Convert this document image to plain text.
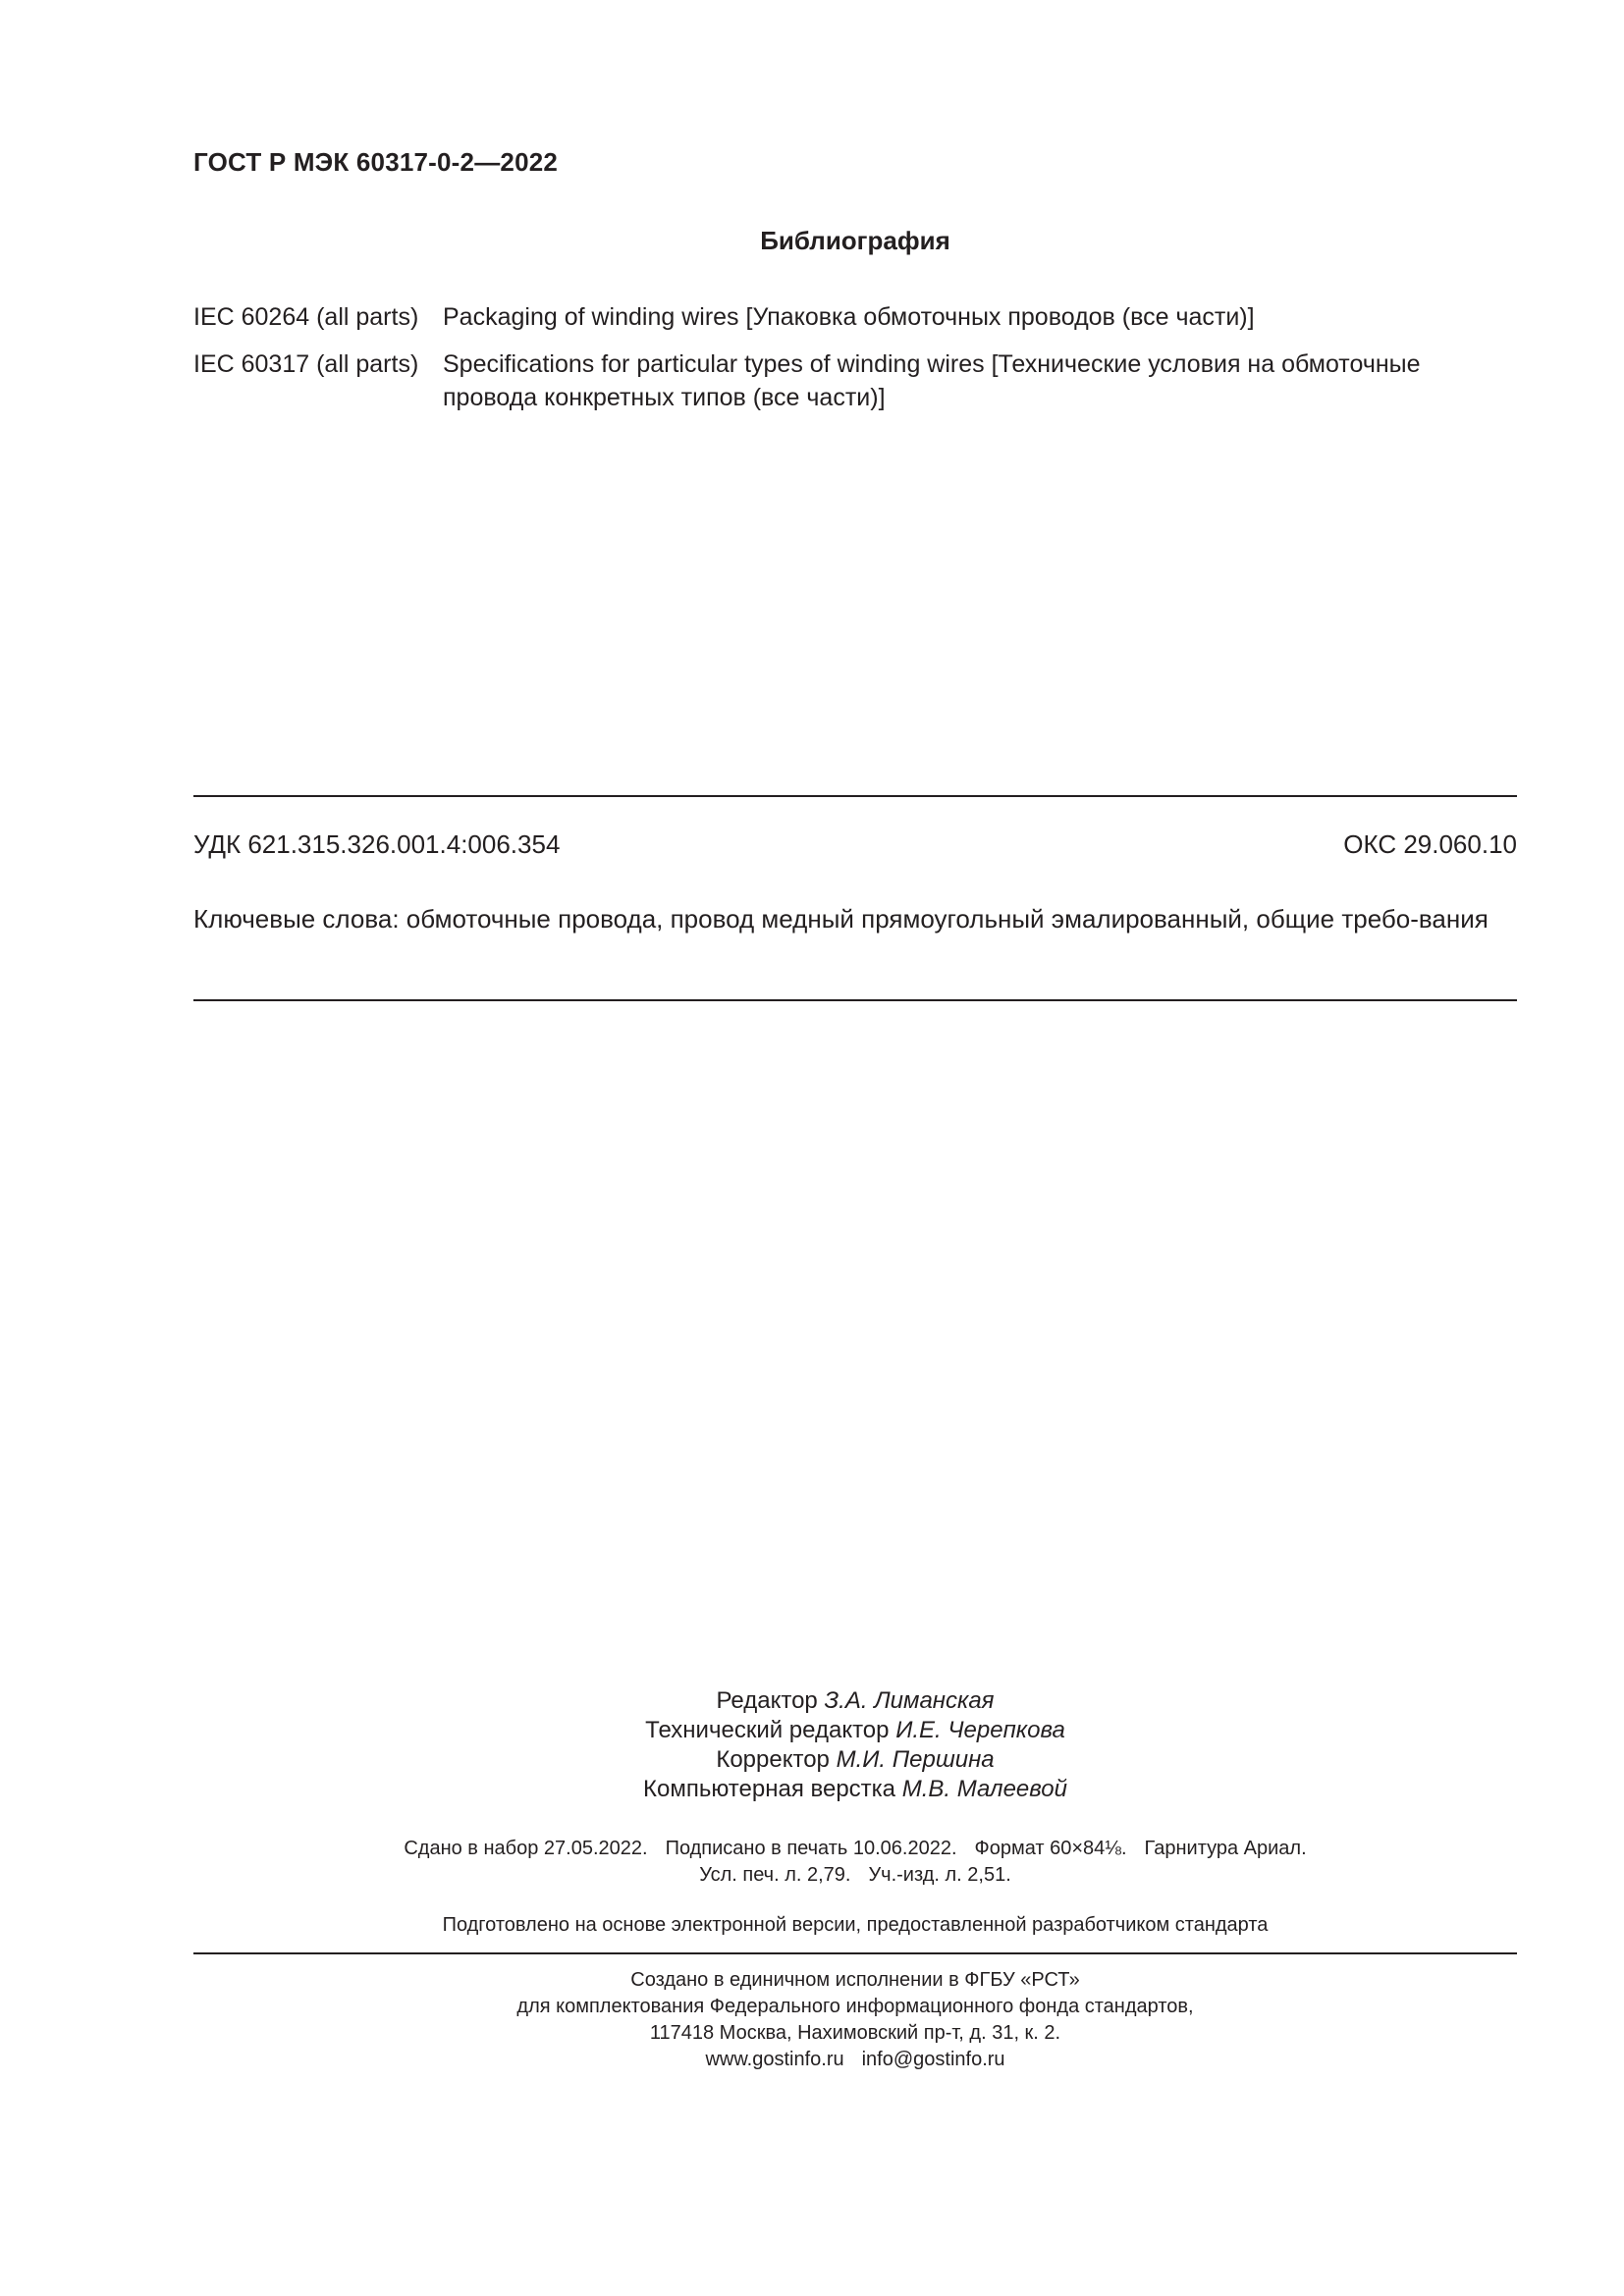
ГОСТ Р МЭК 60317-0-2—2022
Библиография
IEC 60264 (all parts) Packaging of winding wires [Упаковка обмоточных проводов (все части)]
IEC 60317 (all parts) Specifications for particular types of winding wires [Технические условия на обмоточные провода конкретных типов (все части)]
УДК 621.315.326.001.4:006.354	ОКС 29.060.10
Ключевые слова: обмоточные провода, провод медный прямоугольный эмалированный, общие требо-вания
Редактор З.А. Лиманская
Технический редактор И.Е. Черепкова
Корректор М.И. Першина
Компьютерная верстка М.В. Малеевой
Сдано в набор 27.05.2022. Подписано в печать 10.06.2022. Формат 60×84⅛. Гарнитура Ариал.
Усл. печ. л. 2,79. Уч.-изд. л. 2,51.
Подготовлено на основе электронной версии, предоставленной разработчиком стандарта
Создано в единичном исполнении в ФГБУ «РСТ»
для комплектования Федерального информационного фонда стандартов,
117418 Москва, Нахимовский пр-т, д. 31, к. 2.
www.gostinfo.ru info@gostinfo.ru
